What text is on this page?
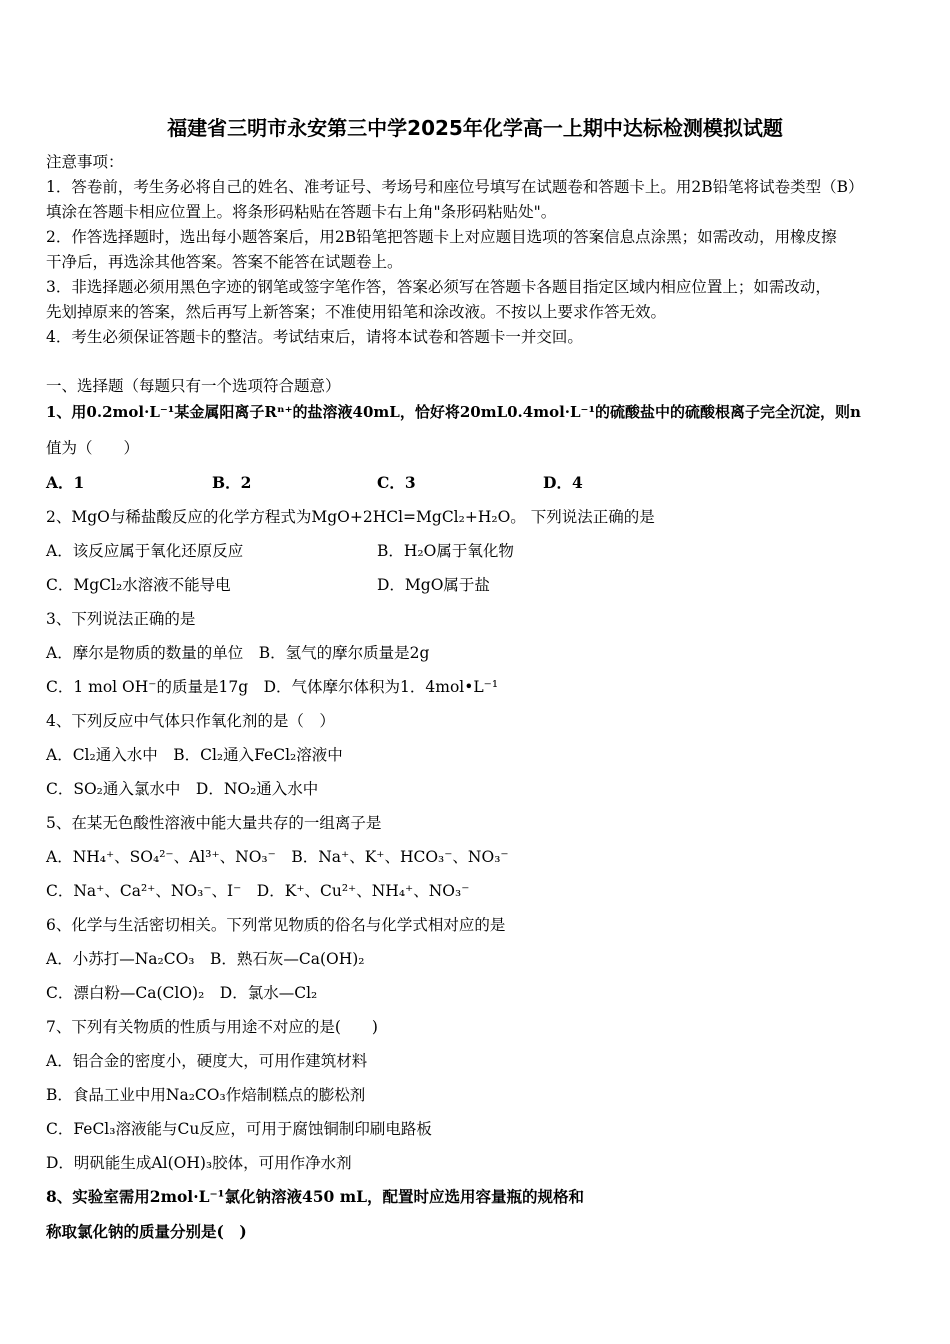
福建省三明市永安第三中学2025年化学高一上期中达标检测模拟试题
注意事项：
1．答卷前，考生务必将自己的姓名、准考证号、考场号和座位号填写在试题卷和答题卡上。用2B铅笔将试卷类型（B）
填涂在答题卡相应位置上。将条形码粘贴在答题卡右上角"条形码粘贴处"。
2．作答选择题时，选出每小题答案后，用2B铅笔把答题卡上对应题目选项的答案信息点涂黑；如需改动，用橡皮擦
干净后，再选涂其他答案。答案不能答在试题卷上。
3．非选择题必须用黑色字迹的钢笔或签字笔作答，答案必须写在答题卡各题目指定区域内相应位置上；如需改动，
先划掉原来的答案，然后再写上新答案；不准使用铅笔和涂改液。不按以上要求作答无效。
4．考生必须保证答题卡的整洁。考试结束后，请将本试卷和答题卡一并交回。
一、选择题（每题只有一个选项符合题意）
1、用0.2mol·L⁻¹某金属阳离子Rⁿ⁺的盐溶液40mL，恰好将20mL0.4mol·L⁻¹的硫酸盐中的硫酸根离子完全沉淀，则n
值为（　　）
A．1	B．2	C．3	D．4
2、MgO与稀盐酸反应的化学方程式为MgO+2HCl=MgCl₂+H₂O。 下列说法正确的是
A．该反应属于氧化还原反应	B．H₂O属于氧化物
C．MgCl₂水溶液不能导电	D．MgO属于盐
3、下列说法正确的是
A．摩尔是物质的数量的单位　B．氢气的摩尔质量是2g
C．1 mol OH⁻的质量是17g　D．气体摩尔体积为1．4mol•L⁻¹
4、下列反应中气体只作氧化剂的是（　）
A．Cl₂通入水中　B．Cl₂通入FeCl₂溶液中
C．SO₂通入氯水中　D．NO₂通入水中
5、在某无色酸性溶液中能大量共存的一组离子是
A．NH₄⁺、SO₄²⁻、Al³⁺、NO₃⁻　B．Na⁺、K⁺、HCO₃⁻、NO₃⁻
C．Na⁺、Ca²⁺、NO₃⁻、I⁻　D．K⁺、Cu²⁺、NH₄⁺、NO₃⁻
6、化学与生活密切相关。下列常见物质的俗名与化学式相对应的是
A．小苏打—Na₂CO₃　B．熟石灰—Ca(OH)₂
C．漂白粉—Ca(ClO)₂　D．氯水—Cl₂
7、下列有关物质的性质与用途不对应的是(　　)
A．铝合金的密度小，硬度大，可用作建筑材料
B．食品工业中用Na₂CO₃作焙制糕点的膨松剂
C．FeCl₃溶液能与Cu反应，可用于腐蚀铜制印刷电路板
D．明矾能生成Al(OH)₃胶体，可用作净水剂
8、实验室需用2mol·L⁻¹氯化钠溶液450 mL，配置时应选用容量瓶的规格和
称取氯化钠的质量分别是(　)
